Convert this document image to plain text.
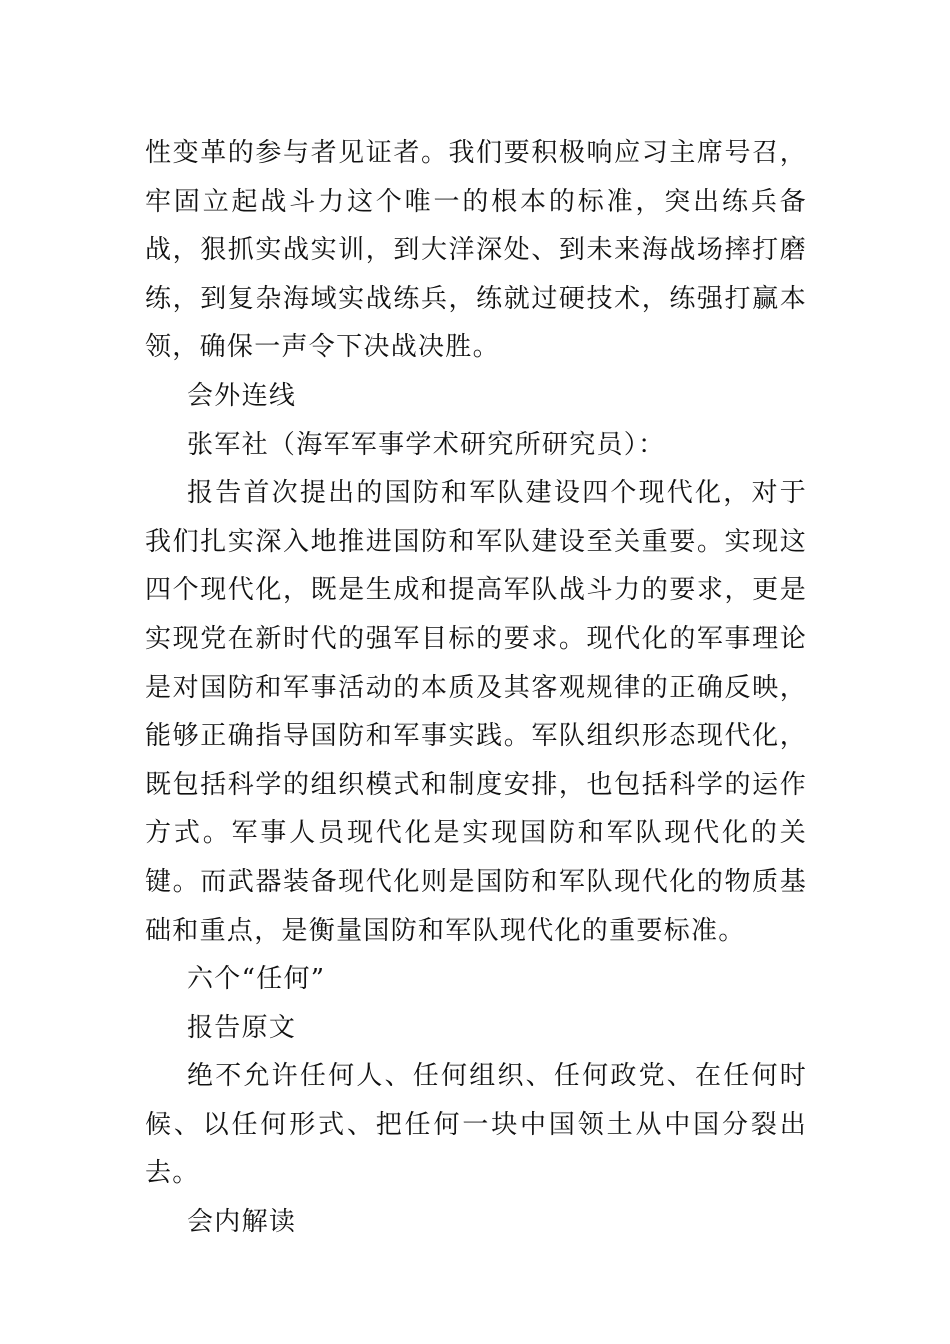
性变革的参与者见证者。我们要积极响应习主席号召，牢固立起战斗力这个唯一的根本的标准，突出练兵备战，狠抓实战实训，到大洋深处、到未来海战场摔打磨练，到复杂海域实战练兵，练就过硬技术，练强打赢本领，确保一声令下决战决胜。

会外连线

张军社（海军军事学术研究所研究员）：

报告首次提出的国防和军队建设四个现代化，对于我们扎实深入地推进国防和军队建设至关重要。实现这四个现代化，既是生成和提高军队战斗力的要求，更是实现党在新时代的强军目标的要求。现代化的军事理论是对国防和军事活动的本质及其客观规律的正确反映，能够正确指导国防和军事实践。军队组织形态现代化，既包括科学的组织模式和制度安排，也包括科学的运作方式。军事人员现代化是实现国防和军队现代化的关键。而武器装备现代化则是国防和军队现代化的物质基础和重点，是衡量国防和军队现代化的重要标准。

六个“任何”

报告原文

绝不允许任何人、任何组织、任何政党、在任何时候、以任何形式、把任何一块中国领土从中国分裂出去。

会内解读
